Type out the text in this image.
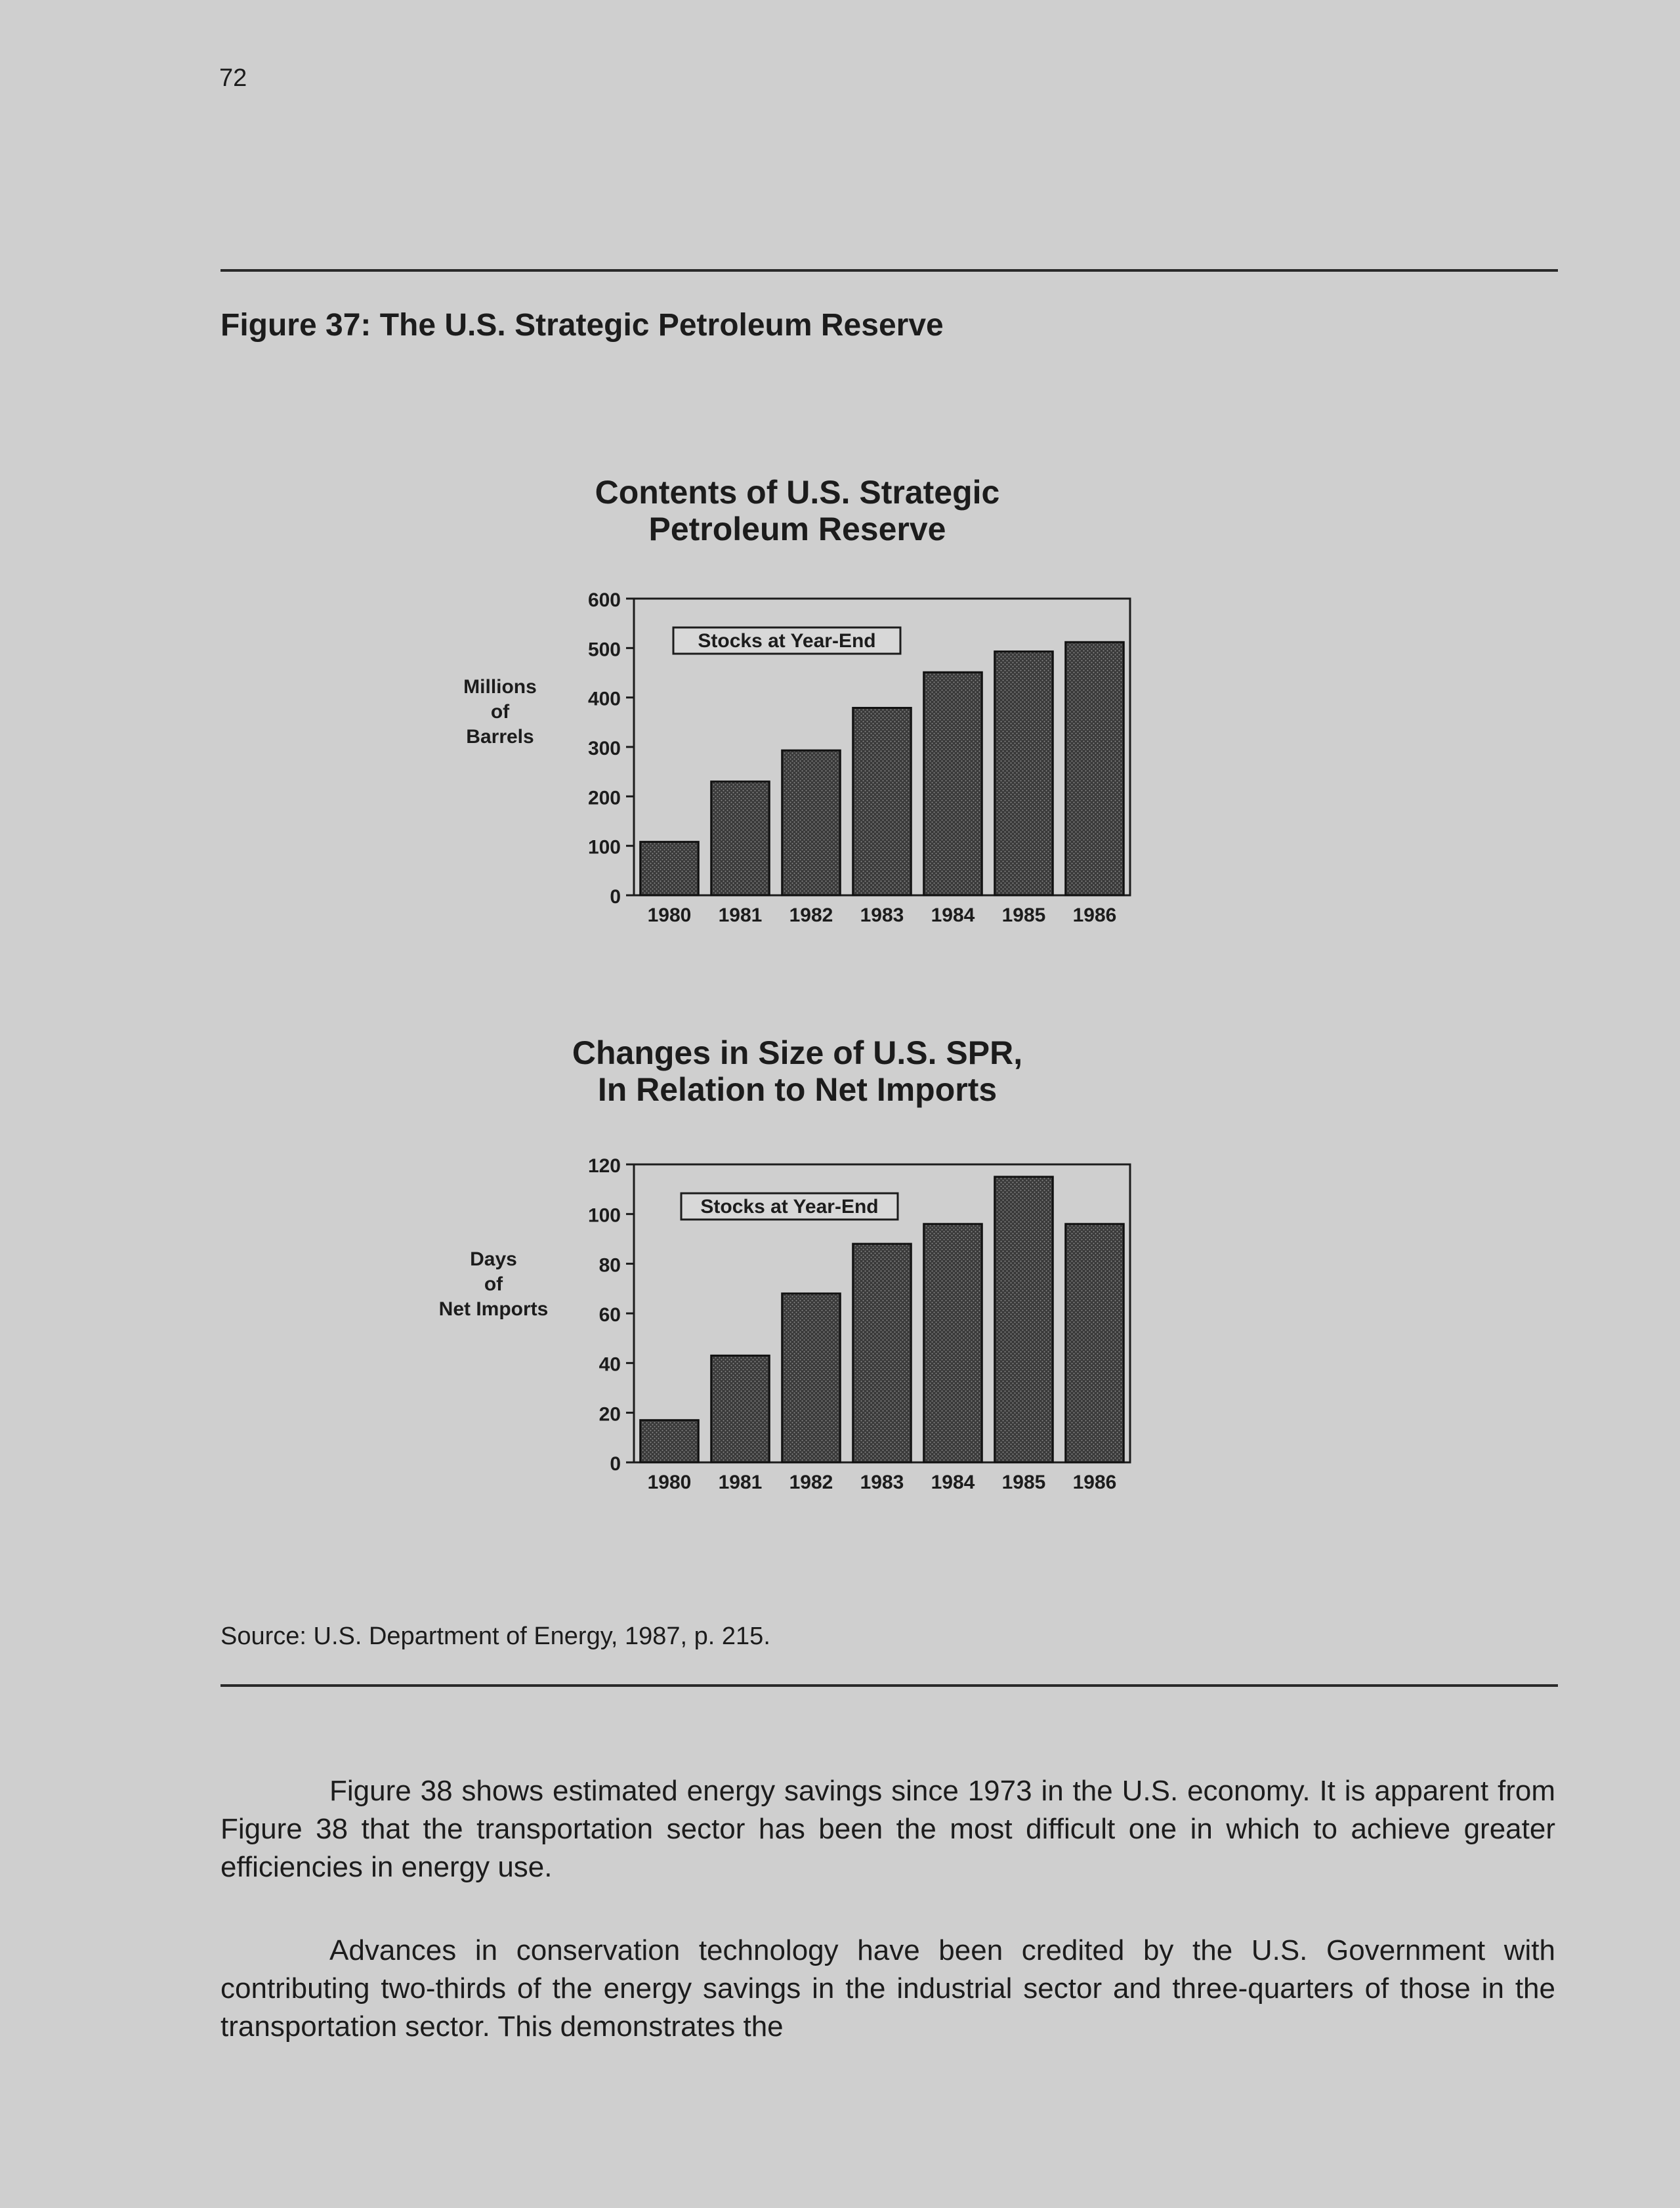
72
Figure 37: The U.S. Strategic Petroleum Reserve
Contents of U.S. Strategic
Petroleum Reserve
Changes in Size of U.S. SPR,
In Relation to Net Imports
0
100
200
300
400
500
600
1980 1981 1982 1983 1984 1985 1986
Millions
of
Barrels
Stocks at Year-End
0
20
40
60
80
100
120
1980 1981 1982 1983 1984 1985 1986
Days
of
Net Imports
Stocks at Year-End
Source: U.S. Department of Energy, 1987, p. 215.

Figure 38 shows estimated energy savings since 1973 in the U.S. economy. It is apparent from Figure 38 that the transportation sector has been the most difficult one in which to achieve greater efficiencies in energy use.

Advances in conservation technology have been credited by the U.S. Government with contributing two-thirds of the energy savings in the industrial sector and three-quarters of those in the transportation sector. This demonstrates the
